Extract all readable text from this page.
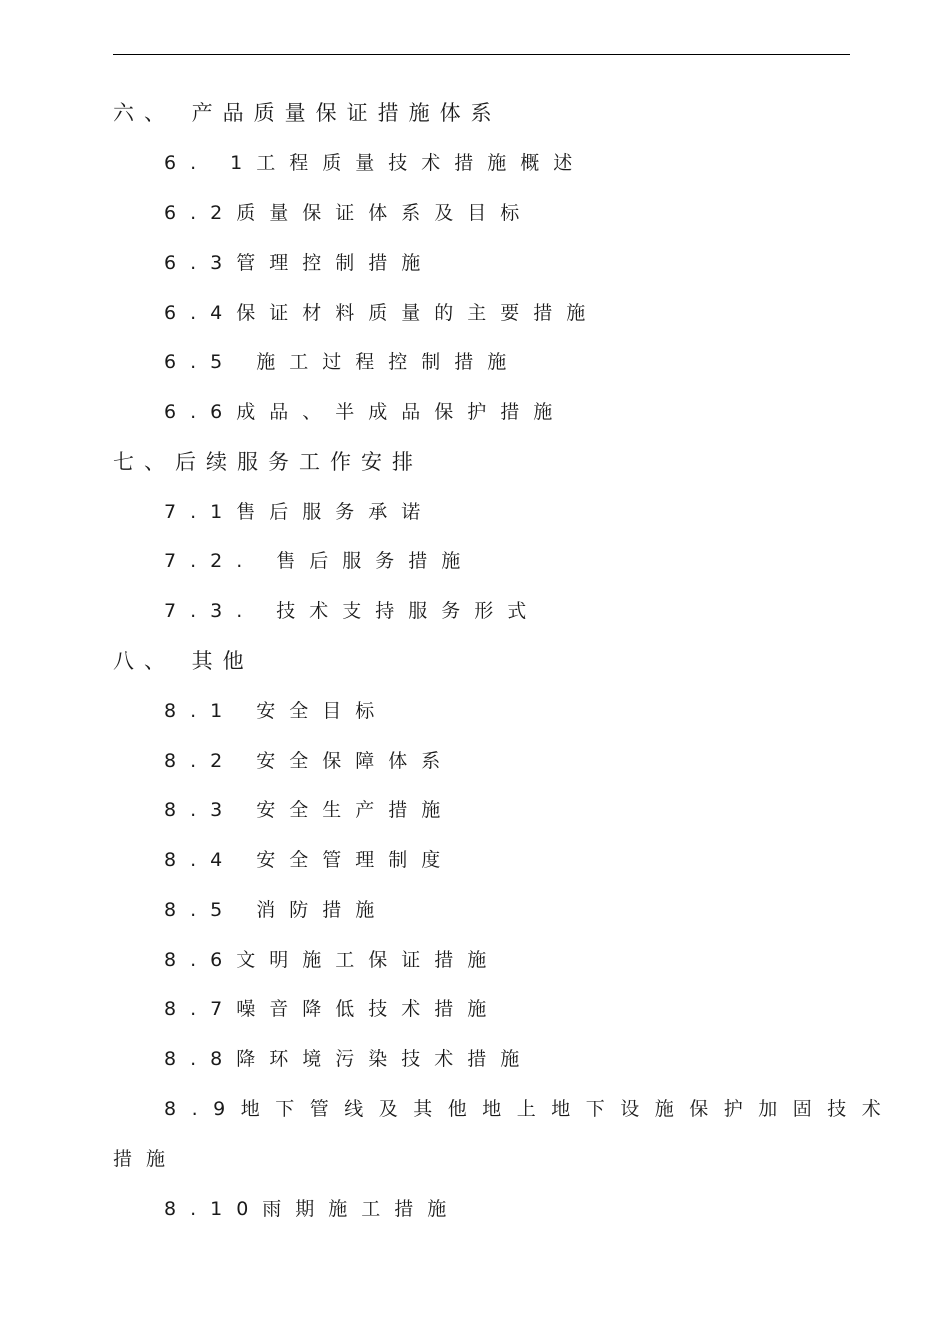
六、 产品质量保证措施体系
6. 1工程质量技术措施概述
6.2质量保证体系及目标
6.3管理控制措施
6.4保证材料质量的主要措施
6.5 施工过程控制措施
6.6成品、半成品保护措施
七、后续服务工作安排
7.1售后服务承诺
7.2. 售后服务措施
7.3. 技术支持服务形式
八、 其他
8.1 安全目标
8.2 安全保障体系
8.3 安全生产措施
8.4 安全管理制度
8.5 消防措施
8.6文明施工保证措施
8.7噪音降低技术措施
8.8降环境污染技术措施
8.9地下管线及其他地上地下设施保护加固技术
措施
8.10雨期施工措施
